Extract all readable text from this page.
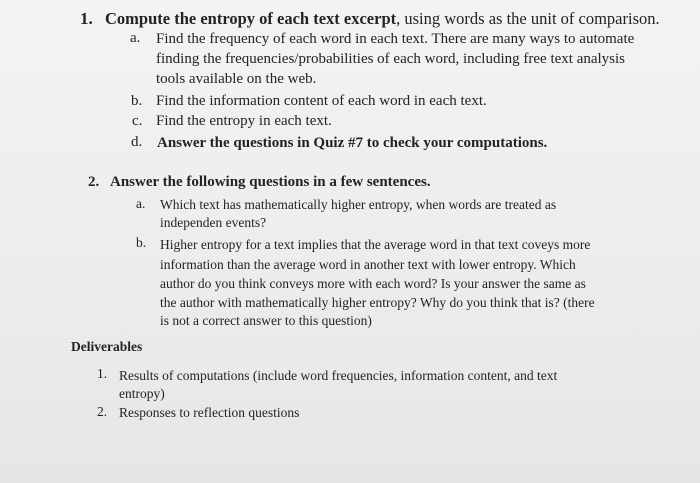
1. Compute the entropy of each text excerpt, using words as the unit of comparison.
a. Find the frequency of each word in each text. There are many ways to automate
finding the frequencies/probabilities of each word, including free text analysis
tools available on the web.
b. Find the information content of each word in each text.
c. Find the entropy in each text.
d. Answer the questions in Quiz #7 to check your computations.
2. Answer the following questions in a few sentences.
a. Which text has mathematically higher entropy, when words are treated as
independen events?
b. Higher entropy for a text implies that the average word in that text coveys more
information than the average word in another text with lower entropy. Which
author do you think conveys more with each word? Is your answer the same as
the author with mathematically higher entropy? Why do you think that is? (there
is not a correct answer to this question)
Deliverables
1. Results of computations (include word frequencies, information content, and text
entropy)
2. Responses to reflection questions
